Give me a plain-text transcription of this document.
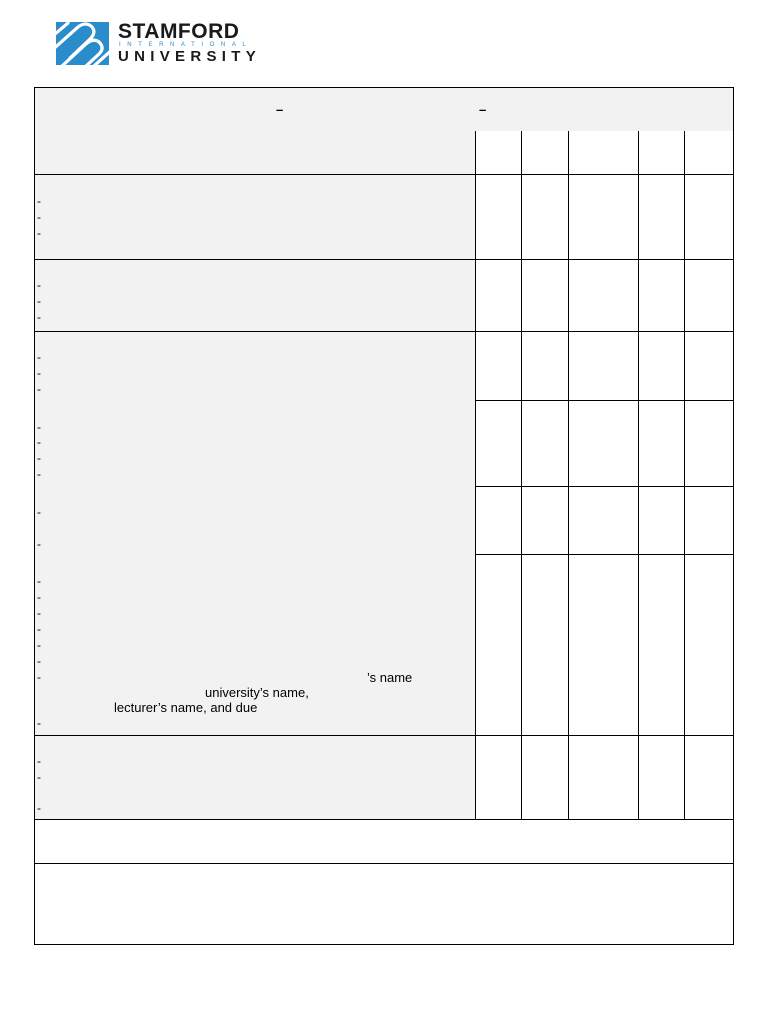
STAMFORD
INTERNATIONAL
UNIVERSITY
–	–
-
-
-
-
-
-
-
-
-
-
-
-
-
-
-
-
-
-
-
-
-
-
-
-
-
-
’s name
university’s name,
lecturer’s name, and due
